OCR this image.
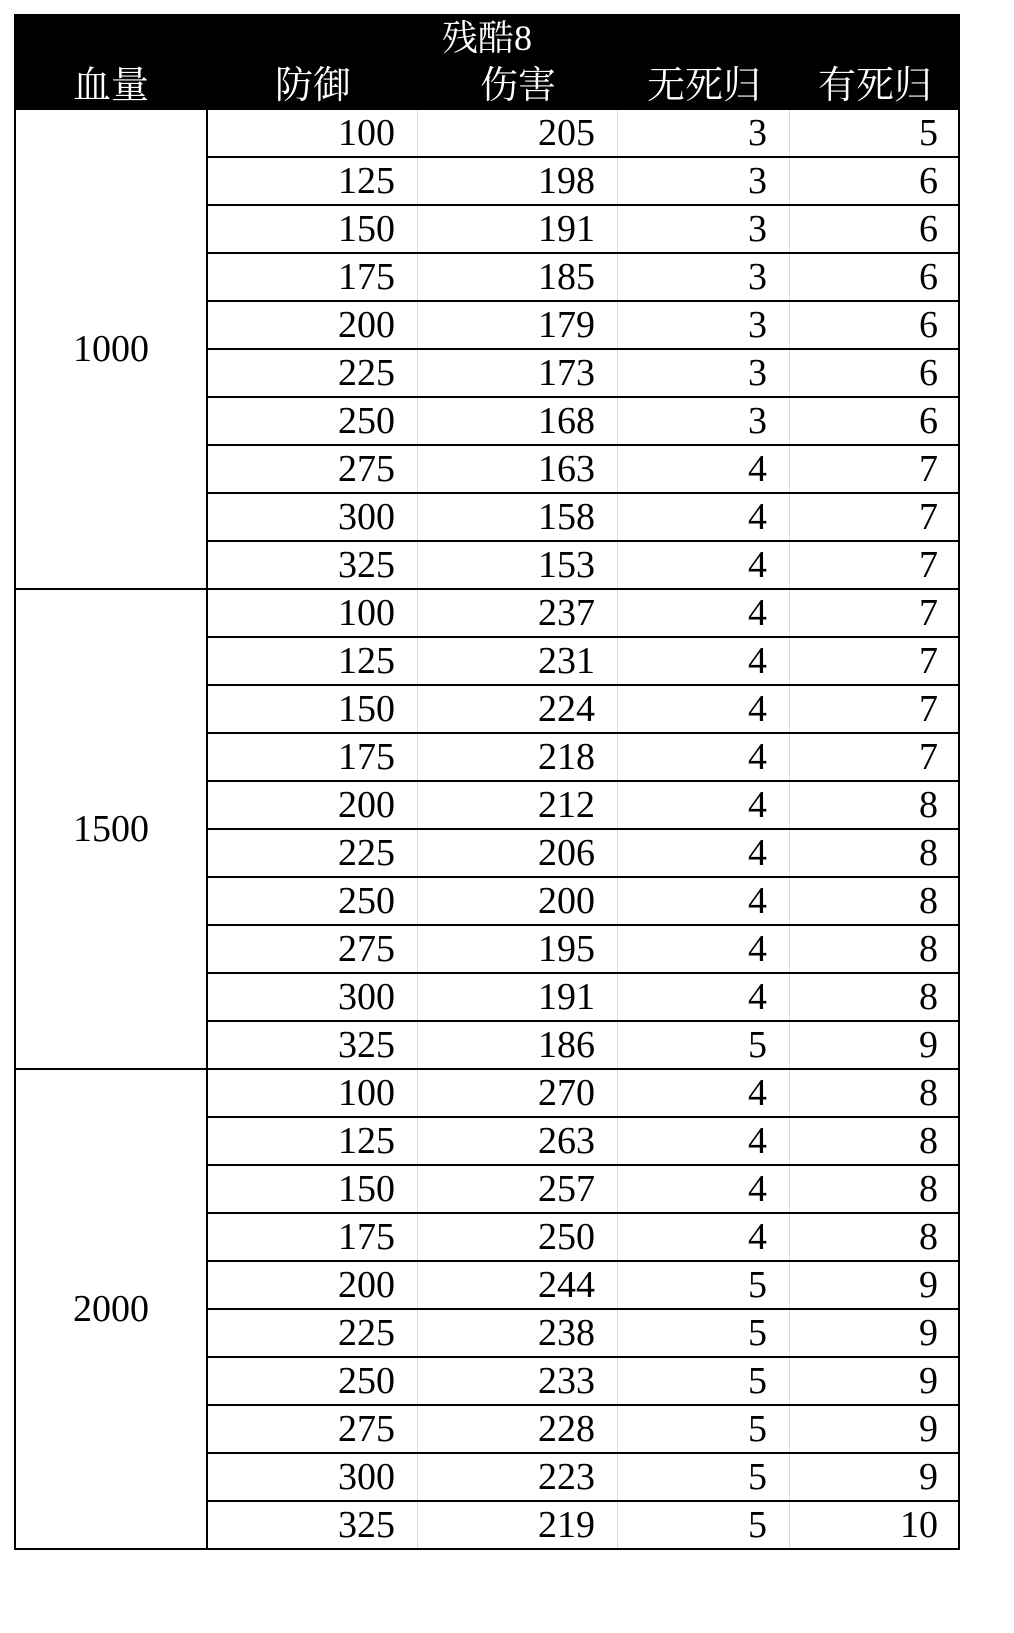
残酷8
血量	防御	伤害	无死归	有死归
1000
100	205	3	5
125	198	3	6
150	191	3	6
175	185	3	6
200	179	3	6
225	173	3	6
250	168	3	6
275	163	4	7
300	158	4	7
325	153	4	7
1500
100	237	4	7
125	231	4	7
150	224	4	7
175	218	4	7
200	212	4	8
225	206	4	8
250	200	4	8
275	195	4	8
300	191	4	8
325	186	5	9
2000
100	270	4	8
125	263	4	8
150	257	4	8
175	250	4	8
200	244	5	9
225	238	5	9
250	233	5	9
275	228	5	9
300	223	5	9
325	219	5	10
